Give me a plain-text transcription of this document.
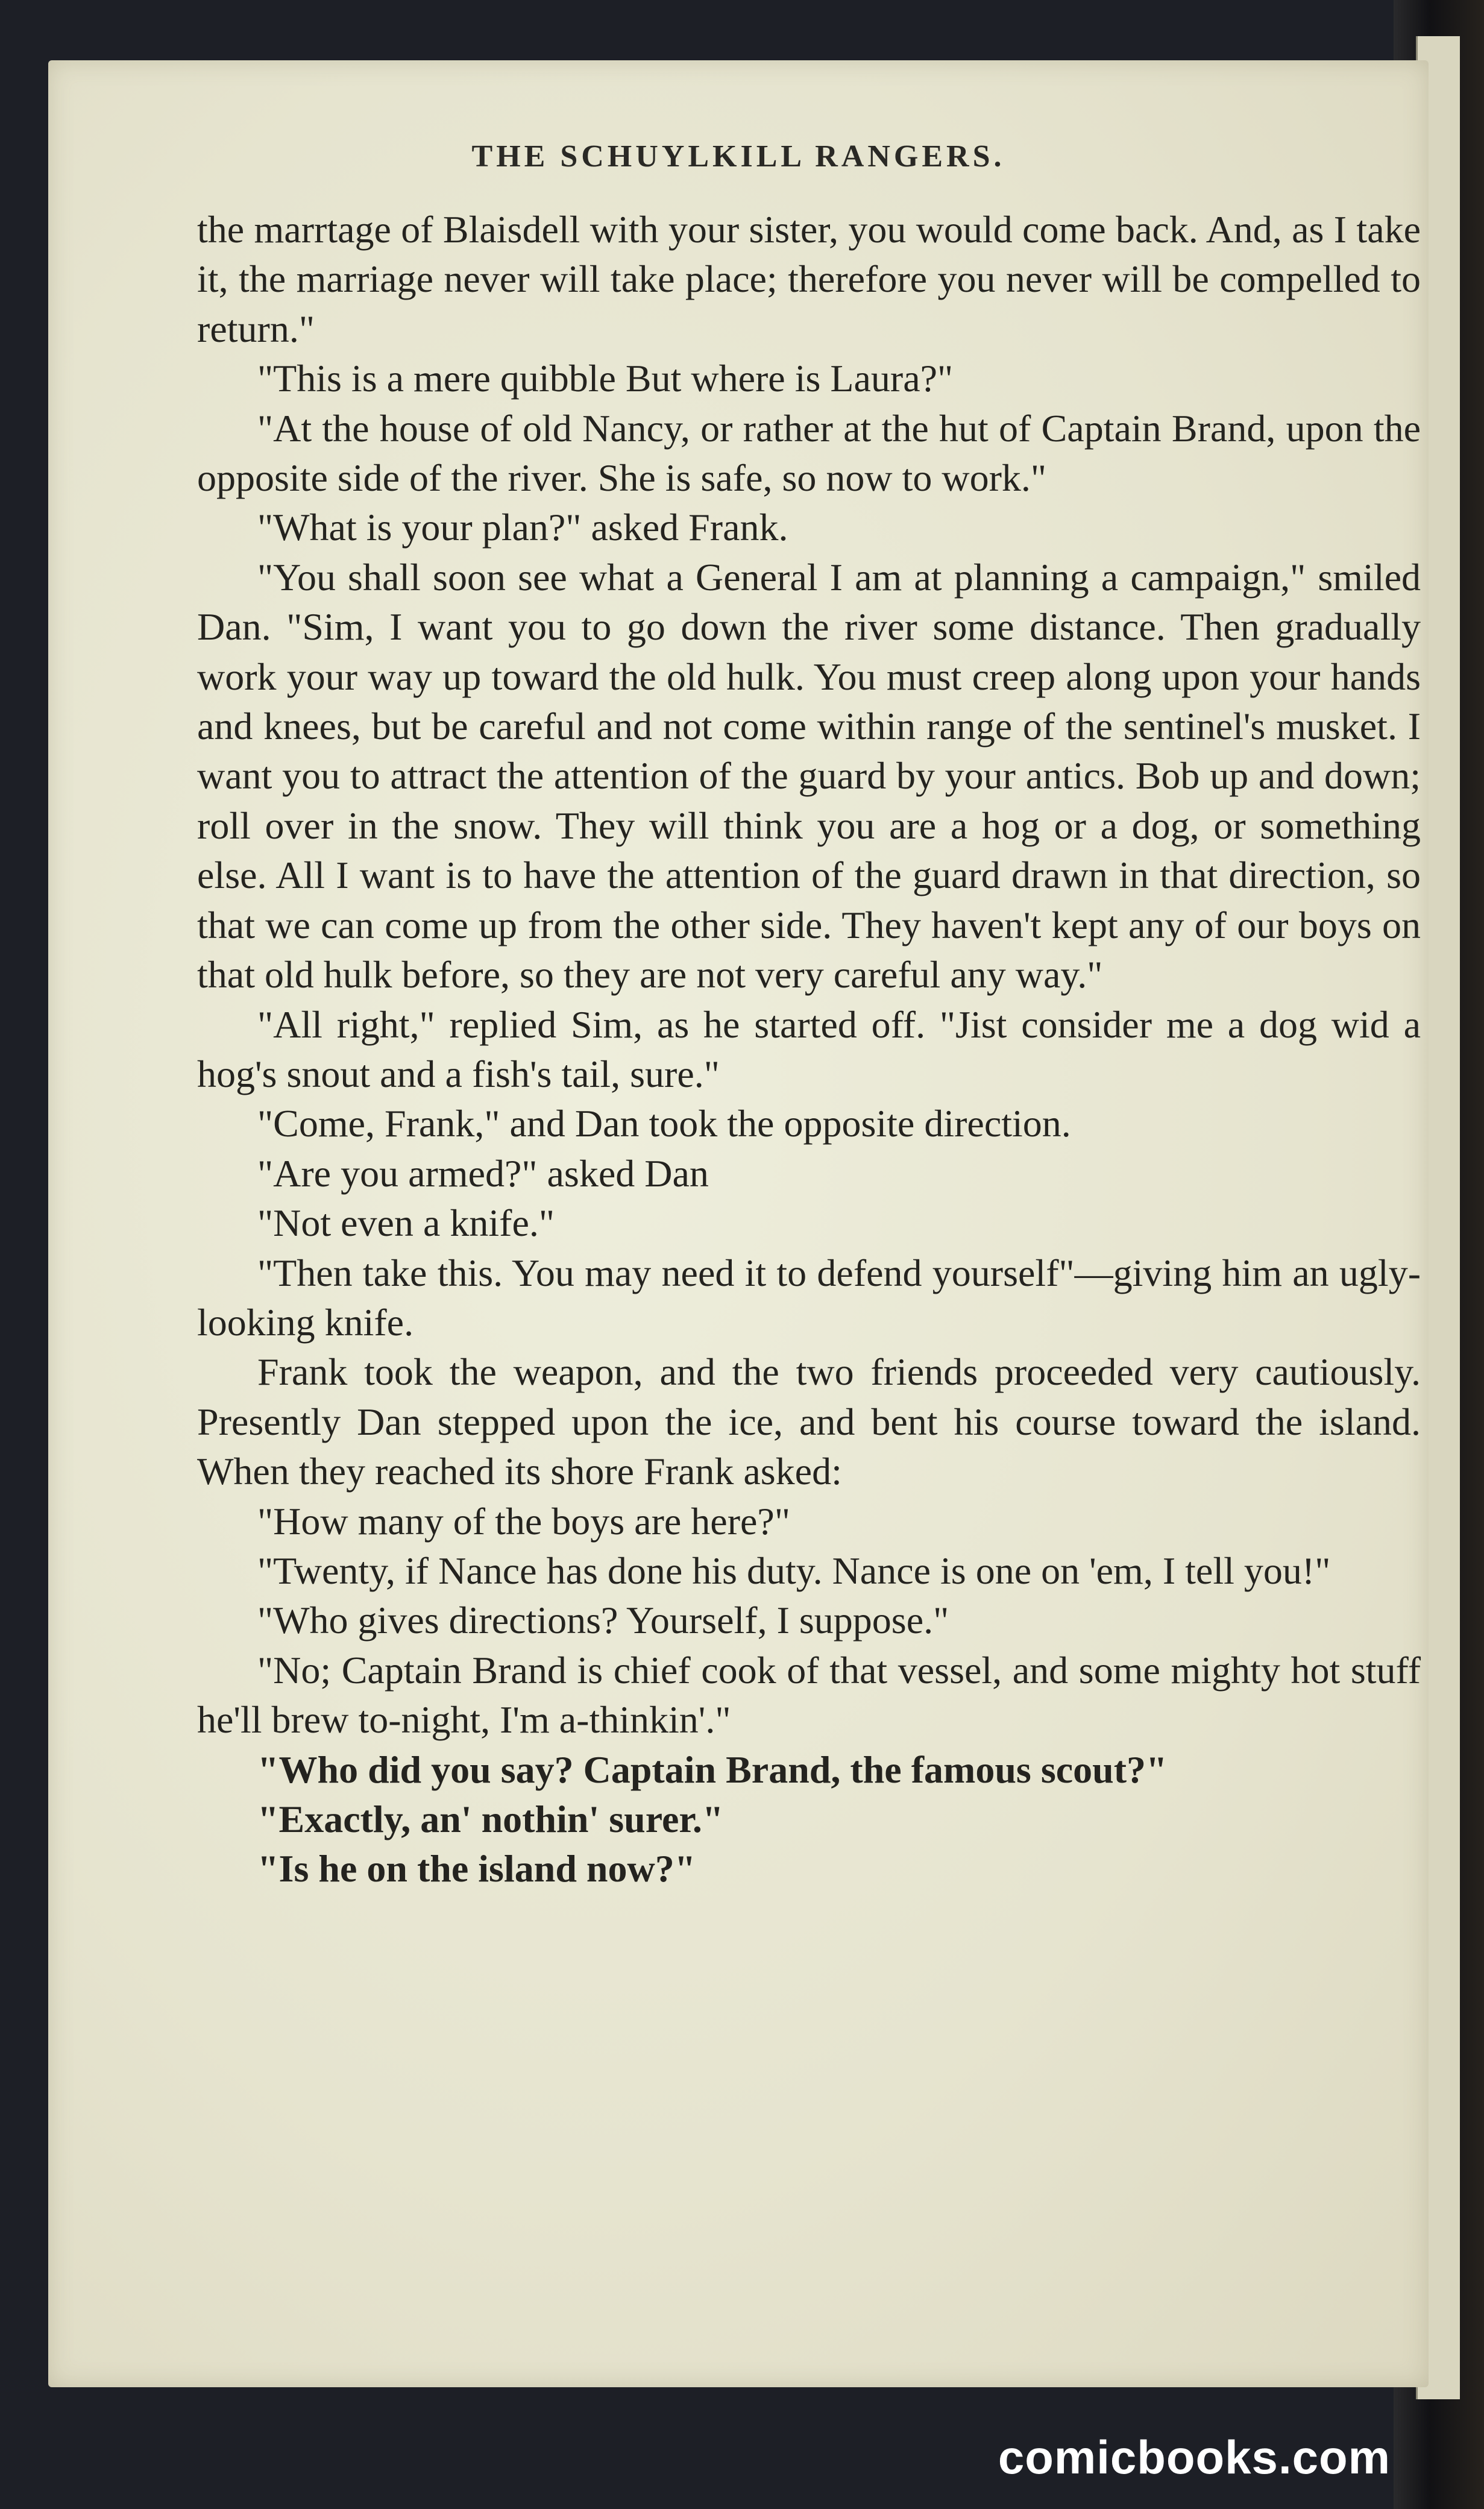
THE SCHUYLKILL RANGERS.

the marrtage of Blaisdell with your sister, you would come back. And, as I take it, the marriage never will take place; therefore you never will be compelled to return."

"This is a mere quibble But where is Laura?"

"At the house of old Nancy, or rather at the hut of Captain Brand, upon the opposite side of the river. She is safe, so now to work."

"What is your plan?" asked Frank.

"You shall soon see what a General I am at planning a campaign," smiled Dan. "Sim, I want you to go down the river some distance. Then gradually work your way up toward the old hulk. You must creep along upon your hands and knees, but be careful and not come within range of the sentinel's musket. I want you to attract the attention of the guard by your antics. Bob up and down; roll over in the snow. They will think you are a hog or a dog, or something else. All I want is to have the attention of the guard drawn in that direction, so that we can come up from the other side. They haven't kept any of our boys on that old hulk before, so they are not very careful any way."

"All right," replied Sim, as he started off. "Jist consider me a dog wid a hog's snout and a fish's tail, sure."

"Come, Frank," and Dan took the opposite direction.

"Are you armed?" asked Dan

"Not even a knife."

"Then take this. You may need it to defend yourself"—giving him an ugly-looking knife.

Frank took the weapon, and the two friends proceeded very cautiously. Presently Dan stepped upon the ice, and bent his course toward the island. When they reached its shore Frank asked:

"How many of the boys are here?"

"Twenty, if Nance has done his duty. Nance is one on 'em, I tell you!"

"Who gives directions? Yourself, I suppose."

"No; Captain Brand is chief cook of that vessel, and some mighty hot stuff he'll brew to-night, I'm a-thinkin'."

"Who did you say? Captain Brand, the famous scout?"

"Exactly, an' nothin' surer."

"Is he on the island now?"

comicbooks.com
